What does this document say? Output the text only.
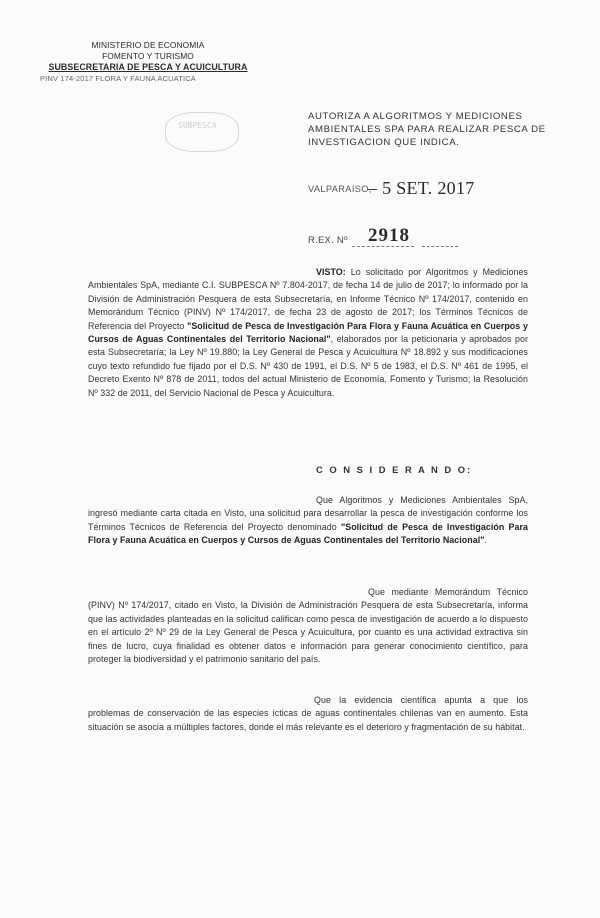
MINISTERIO DE ECONOMIA
FOMENTO Y TURISMO
SUBSECRETARIA DE PESCA Y ACUICULTURA
PINV 174-2017 FLORA Y FAUNA ACUATICA
SUBPESCA
AUTORIZA A ALGORITMOS Y MEDICIONES AMBIENTALES SPA PARA REALIZAR PESCA DE INVESTIGACION QUE INDICA.
VALPARAISO,
– 5 SET. 2017
R.EX. Nº 2918
VISTO: Lo solicitado por Algoritmos y Mediciones Ambientales SpA, mediante C.I. SUBPESCA Nº 7.804-2017, de fecha 14 de julio de 2017; lo informado por la División de Administración Pesquera de esta Subsecretaría, en Informe Técnico Nº 174/2017, contenido en Memorándum Técnico (PINV) Nº 174/2017, de fecha 23 de agosto de 2017; los Términos Técnicos de Referencia del Proyecto "Solicitud de Pesca de Investigación Para Flora y Fauna Acuática en Cuerpos y Cursos de Aguas Continentales del Territorio Nacional", elaborados por la peticionaria y aprobados por esta Subsecretaría; la Ley Nº 19.880; la Ley General de Pesca y Acuicultura Nº 18.892 y sus modificaciones cuyo texto refundido fue fijado por el D.S. Nº 430 de 1991, el D.S. Nº 5 de 1983, el D.S. Nº 461 de 1995, el Decreto Exento Nº 878 de 2011, todos del actual Ministerio de Economía, Fomento y Turismo; la Resolución Nº 332 de 2011, del Servicio Nacional de Pesca y Acuicultura.
C O N S I D E R A N D O:
Que Algoritmos y Mediciones Ambientales SpA, ingresó mediante carta citada en Visto, una solicitud para desarrollar la pesca de investigación conforme los Términos Técnicos de Referencia del Proyecto denominado "Solicitud de Pesca de Investigación Para Flora y Fauna Acuática en Cuerpos y Cursos de Aguas Continentales del Territorio Nacional".
Que mediante Memorándum Técnico (PINV) Nº 174/2017, citado en Visto, la División de Administración Pesquera de esta Subsecretaría, informa que las actividades planteadas en la solicitud califican como pesca de investigación de acuerdo a lo dispuesto en el artículo 2º Nº 29 de la Ley General de Pesca y Acuicultura, por cuanto es una actividad extractiva sin fines de lucro, cuya finalidad es obtener datos e información para generar conocimiento científico, para proteger la biodiversidad y el patrimonio sanitario del país.
Que la evidencia científica apunta a que los problemas de conservación de las especies ícticas de aguas continentales chilenas van en aumento. Esta situación se asocia a múltiples factores, donde el más relevante es el deterioro y fragmentación de su hábitat.
